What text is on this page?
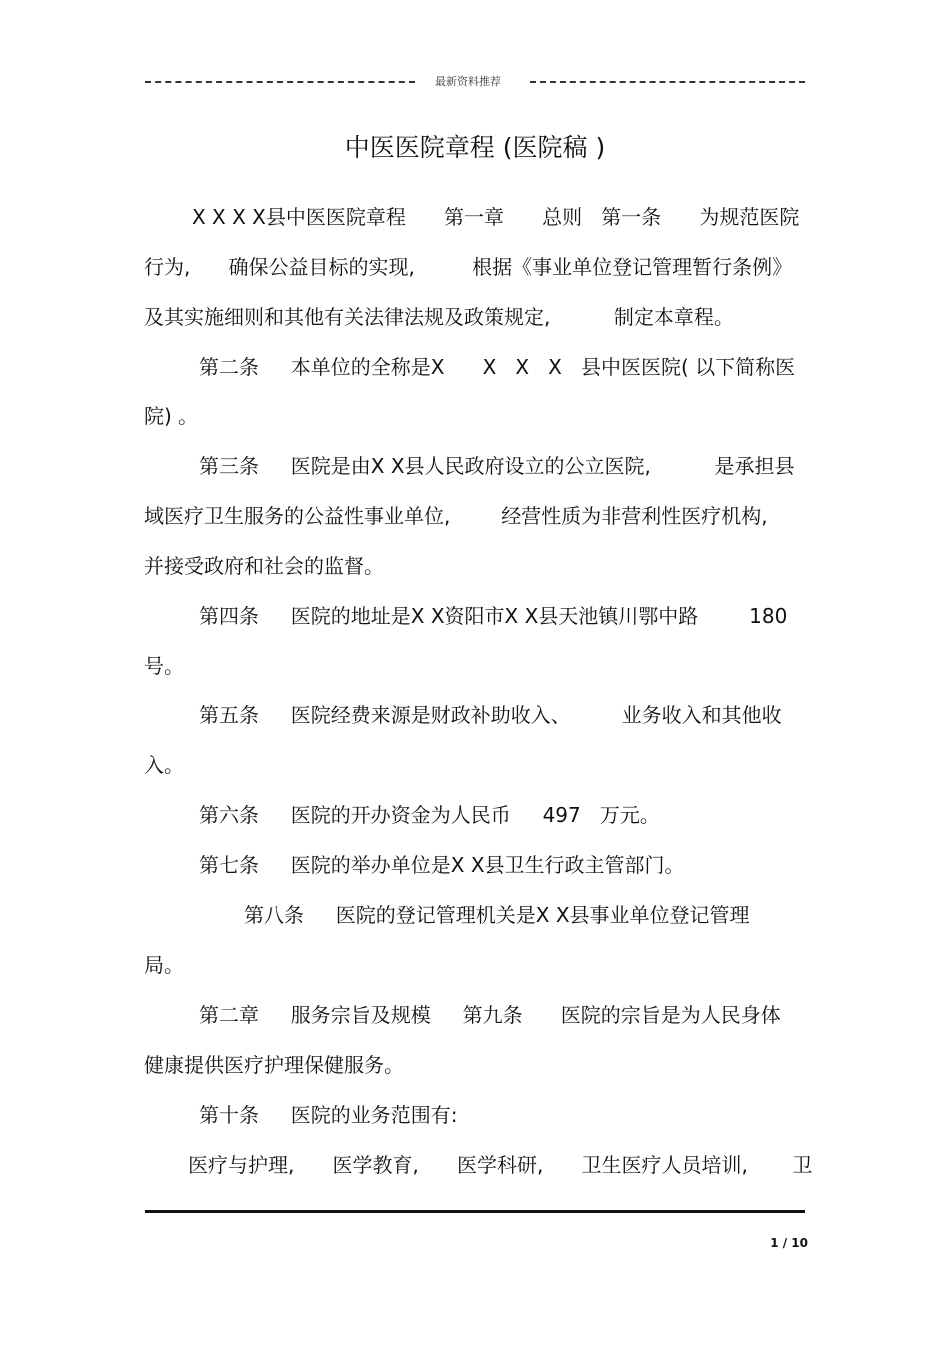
最新资料推荐
中医医院章程 (医院稿 )
X X X X县中医医院章程      第一章      总则   第一条      为规范医院
行为,      确保公益目标的实现,         根据《事业单位登记管理暂行条例》
及其实施细则和其他有关法律法规及政策规定,          制定本章程。
第二条     本单位的全称是X      X   X   X   县中医医院( 以下简称医
院) 。
第三条     医院是由X X县人民政府设立的公立医院,          是承担县
域医疗卫生服务的公益性事业单位,        经营性质为非营利性医疗机构,
并接受政府和社会的监督。
第四条     医院的地址是X X资阳市X X县天池镇川鄂中路        180
号。
第五条     医院经费来源是财政补助收入、        业务收入和其他收
入。
第六条     医院的开办资金为人民币     497   万元。
第七条     医院的举办单位是X X县卫生行政主管部门。
第八条     医院的登记管理机关是X X县事业单位登记管理
局。
第二章     服务宗旨及规模     第九条      医院的宗旨是为人民身体
健康提供医疗护理保健服务。
第十条     医院的业务范围有:
医疗与护理,      医学教育,      医学科研,      卫生医疗人员培训,       卫
1 / 10
